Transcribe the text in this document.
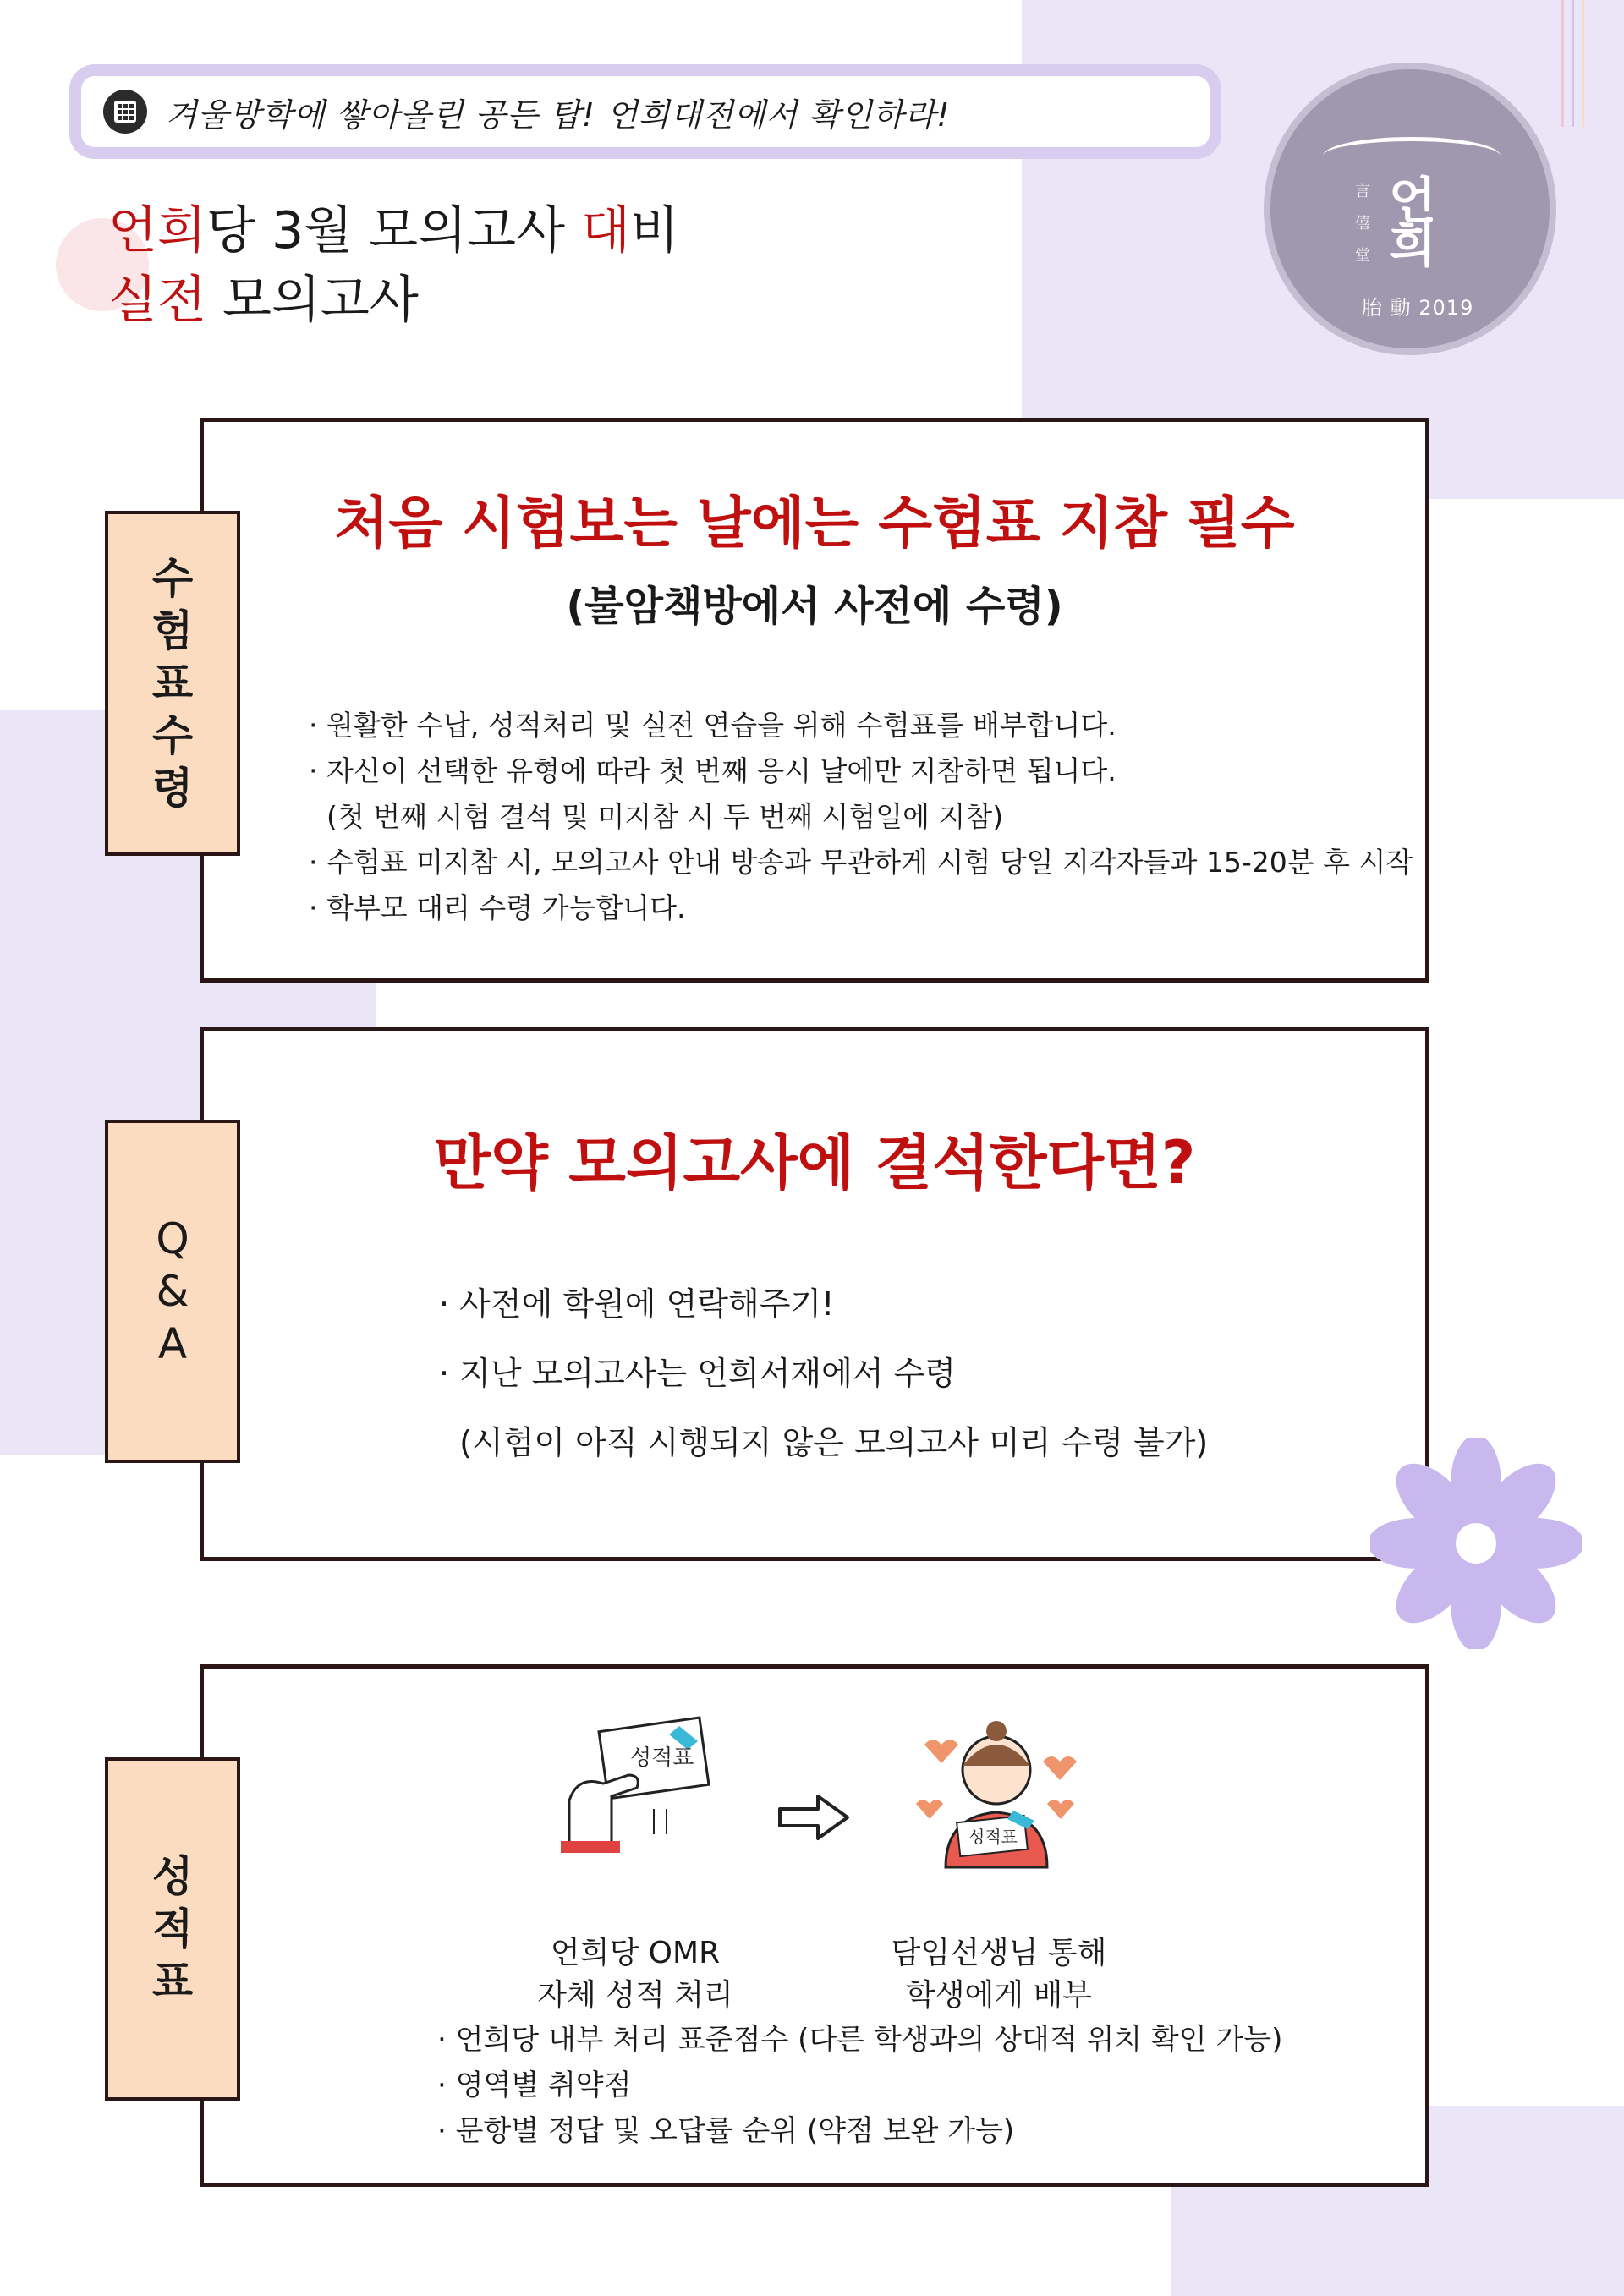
겨울방학에 쌓아올린 공든 탑! 언희대전에서 확인하라!
언희당 3월 모의고사 대비
실전 모의고사
言
僖
堂
언
희
胎 動 2019
처음 시험보는 날에는 수험표 지참 필수
(불암책방에서 사전에 수령)
· 원활한 수납, 성적처리 및 실전 연습을 위해 수험표를 배부합니다.
· 자신이 선택한 유형에 따라 첫 번째 응시 날에만 지참하면 됩니다.
(첫 번째 시험 결석 및 미지참 시 두 번째 시험일에 지참)
· 수험표 미지참 시, 모의고사 안내 방송과 무관하게 시험 당일 지각자들과 15-20분 후 시작
· 학부모 대리 수령 가능합니다.
수험표 수령
만약 모의고사에 결석한다면?
· 사전에 학원에 연락해주기!
· 지난 모의고사는 언희서재에서 수령
(시험이 아직 시행되지 않은 모의고사 미리 수령 불가)
Q&A
성적표
성적표
언희당 OMR
자체 성적 처리
담임선생님 통해
학생에게 배부
· 언희당 내부 처리 표준점수 (다른 학생과의 상대적 위치 확인 가능)
· 영역별 취약점
· 문항별 정답 및 오답률 순위 (약점 보완 가능)
성적표
